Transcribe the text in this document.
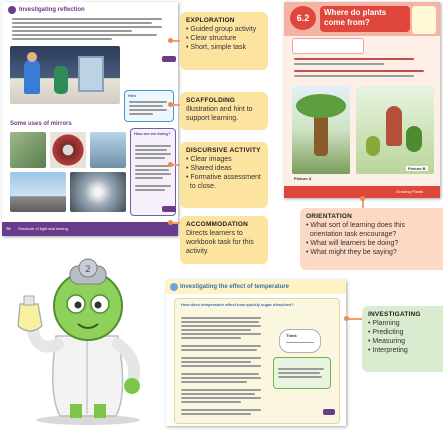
Investigating reflection
Hint
Some uses of mirrors
How are we doing?
70 Structure of light and seeing
EXPLORATION
• Guided group activity
• Clear structure
• Short, simple task
SCAFFOLDING
Illustration and hint to
support learning.
DISCURSIVE ACTIVITY
• Clear images
• Shared ideas
• Formative assessment
to close.
ACCOMMODATION
Directs learners to
workbook task for this
activity.
6.2
Where do plants
come from?
Picture A
Picture B
Growing Plants
ORIENTATION
• What sort of learning does this
orientation task encourage?
• What will learners be doing?
• What might they be saying?
2
Investigating the effect of temperature
How does temperature affect how quickly sugar dissolves?
Think
INVESTIGATING
• Planning
• Predicting
• Measuring
• Interpreting
